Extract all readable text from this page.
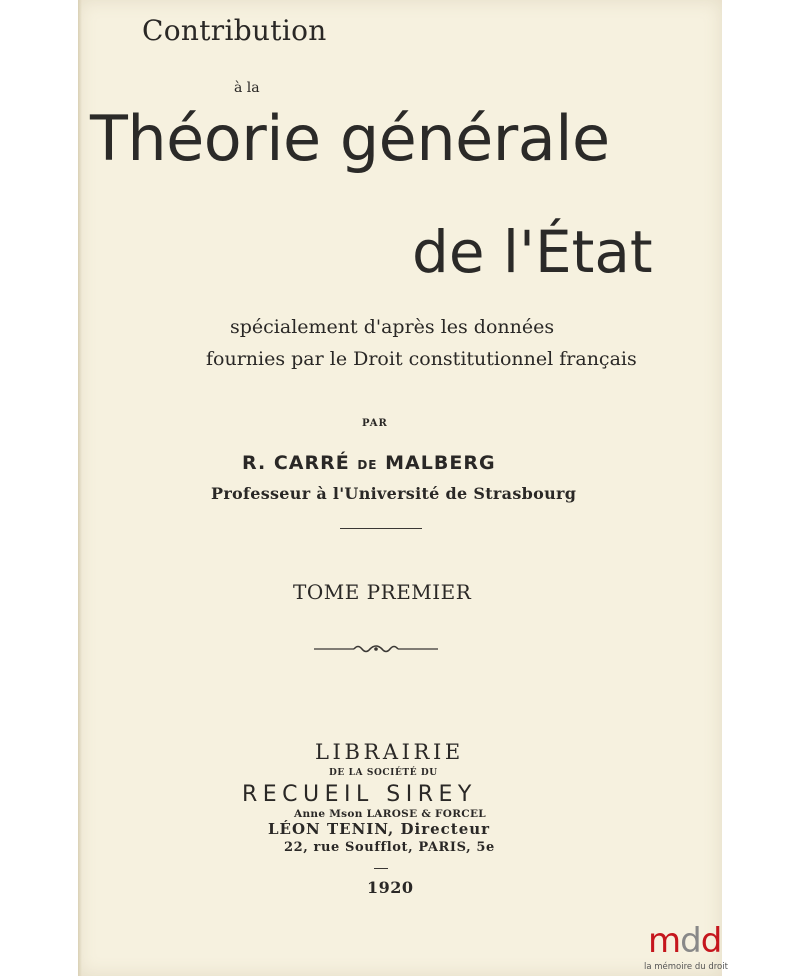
Contribution

à la

Théorie générale

de l'État

spécialement d'après les données

fournies par le Droit constitutionnel français

PAR

R. CARRÉ DE MALBERG

Professeur à l'Université de Strasbourg

TOME PREMIER

LIBRAIRIE

DE LA SOCIÉTÉ DU

RECUEIL SIREY

Anne Mson LAROSE & FORCEL

LÉON TENIN, Directeur

22, rue Soufflot, PARIS, 5e

1920

mdd
la mémoire du droit
